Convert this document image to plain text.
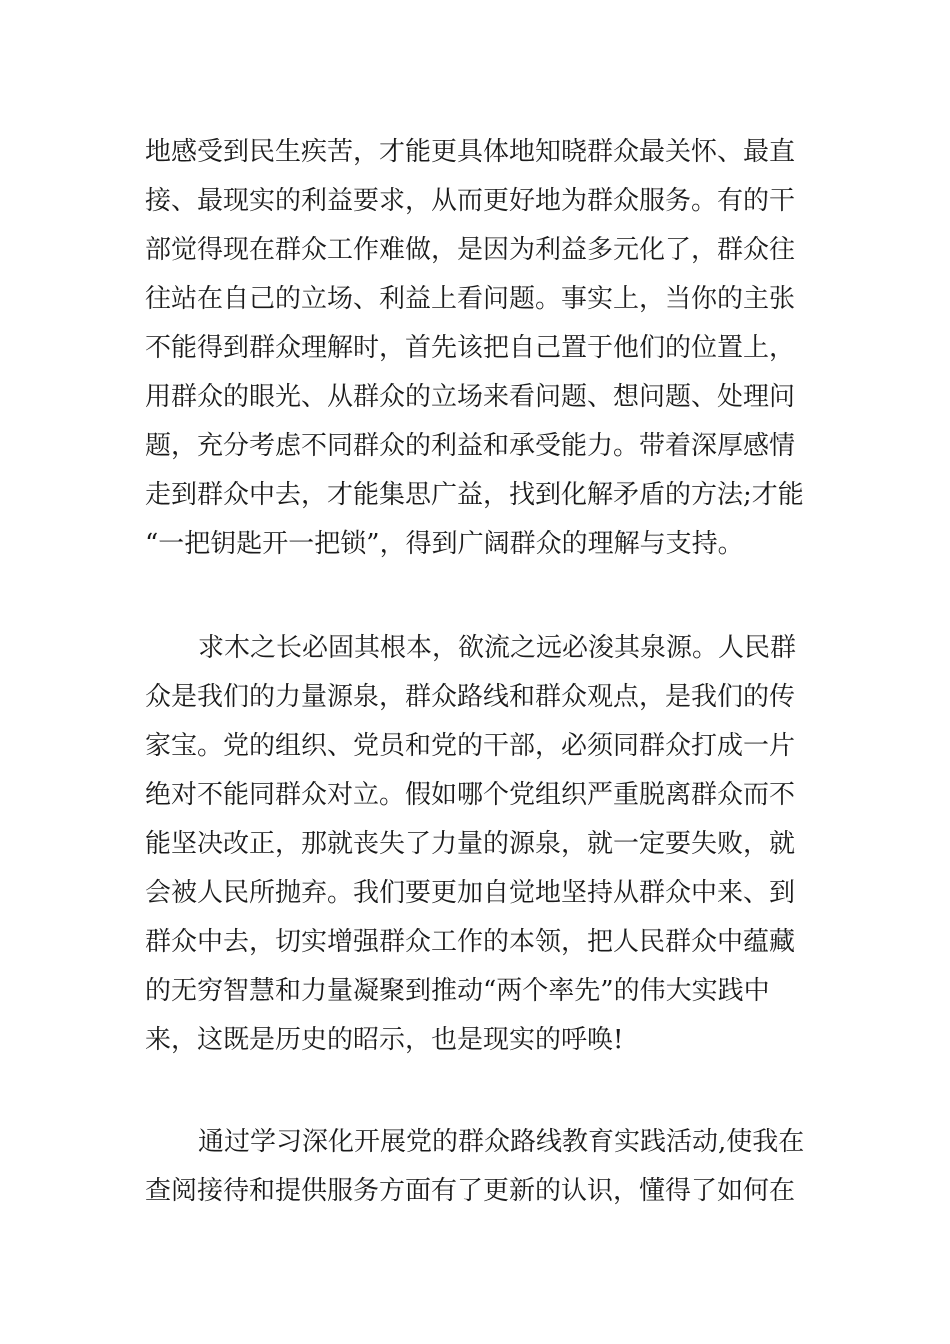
地感受到民生疾苦，才能更具体地知晓群众最关怀、最直
接、最现实的利益要求，从而更好地为群众服务。有的干
部觉得现在群众工作难做，是因为利益多元化了，群众往
往站在自己的立场、利益上看问题。事实上，当你的主张
不能得到群众理解时，首先该把自己置于他们的位置上，
用群众的眼光、从群众的立场来看问题、想问题、处理问
题，充分考虑不同群众的利益和承受能力。带着深厚感情
走到群众中去，才能集思广益，找到化解矛盾的方法;才能
“一把钥匙开一把锁”，得到广阔群众的理解与支持。
求木之长必固其根本，欲流之远必浚其泉源。人民群
众是我们的力量源泉，群众路线和群众观点，是我们的传
家宝。党的组织、党员和党的干部，必须同群众打成一片
绝对不能同群众对立。假如哪个党组织严重脱离群众而不
能坚决改正，那就丧失了力量的源泉，就一定要失败，就
会被人民所抛弃。我们要更加自觉地坚持从群众中来、到
群众中去，切实增强群众工作的本领，把人民群众中蕴藏
的无穷智慧和力量凝聚到推动“两个率先”的伟大实践中
来，这既是历史的昭示，也是现实的呼唤!
通过学习深化开展党的群众路线教育实践活动,使我在
查阅接待和提供服务方面有了更新的认识，懂得了如何在
